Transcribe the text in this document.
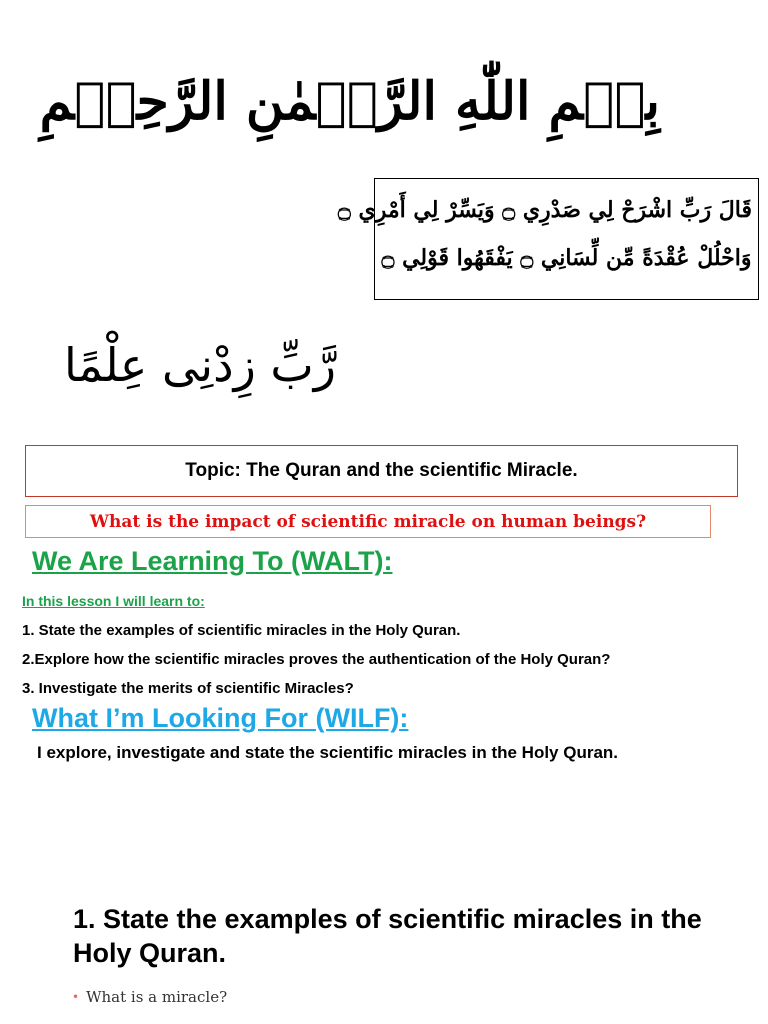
بِسۡمِ اللّٰهِ الرَّحۡمٰنِ الرَّحِيۡمِ
قَالَ رَبِّ اشْرَحْ لِي صَدْرِي ۝ وَيَسِّرْ لِي أَمْرِي ۝
وَاحْلُلْ عُقْدَةً مِّن لِّسَانِي ۝ يَفْقَهُوا قَوْلِي ۝
رَّبِّ زِدْنِى عِلْمًا
Topic: The Quran and the scientific Miracle.
What is the impact of scientific miracle on human beings?
We Are Learning To (WALT):
In this lesson I will learn to:
1. State the examples of scientific miracles in the Holy Quran.
2.Explore how the scientific miracles proves the authentication of the Holy Quran?
3. Investigate the merits of scientific Miracles?
What I’m Looking For (WILF):
I explore, investigate and state the scientific miracles in the Holy Quran.
1. State the examples of scientific miracles in the Holy Quran.
• What is a miracle?
